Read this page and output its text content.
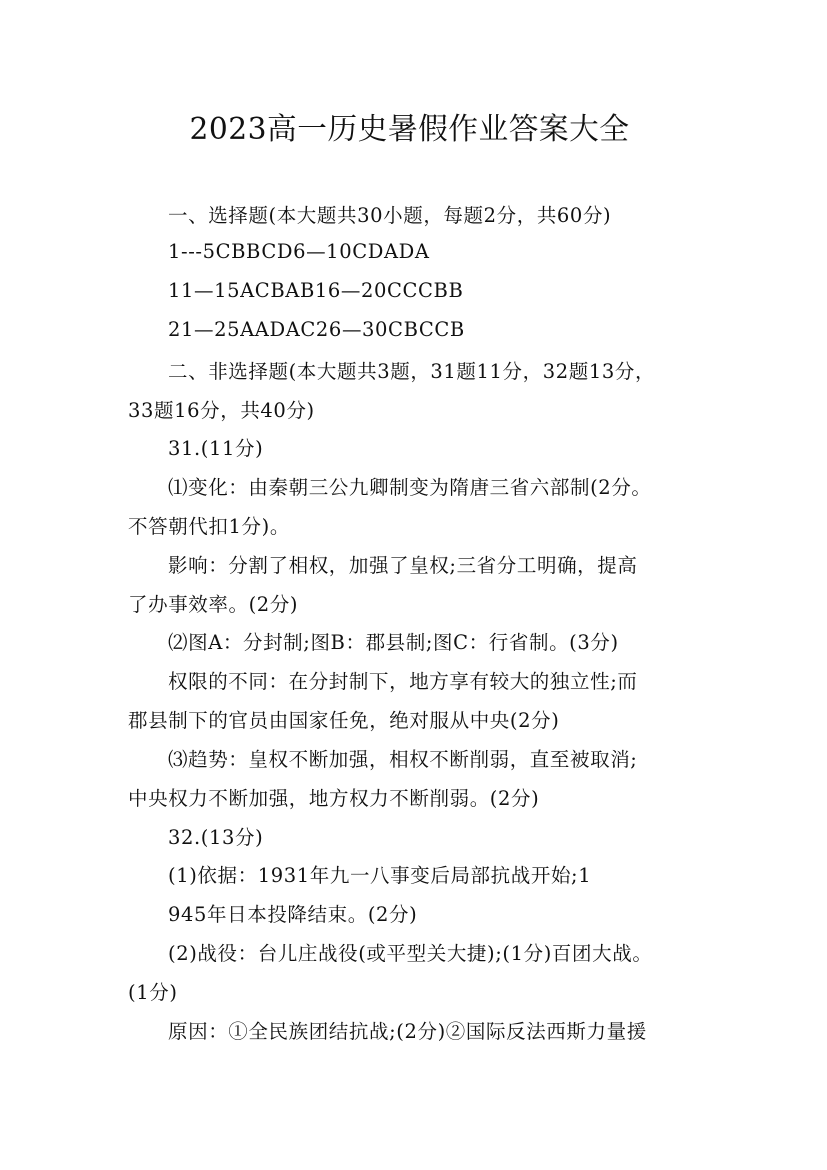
2023高一历史暑假作业答案大全
一、选择题(本大题共30小题，每题2分，共60分)
1---5CBBCD6—10CDADA
11—15ACBAB16—20CCCBB
21—25AADAC26—30CBCCB
二、非选择题(本大题共3题，31题11分，32题13分，
33题16分，共40分)
31.(11分)
⑴变化：由秦朝三公九卿制变为隋唐三省六部制(2分。
不答朝代扣1分)。
影响：分割了相权，加强了皇权;三省分工明确，提高
了办事效率。(2分)
⑵图A：分封制;图B：郡县制;图C：行省制。(3分)
权限的不同：在分封制下，地方享有较大的独立性;而
郡县制下的官员由国家任免，绝对服从中央(2分)
⑶趋势：皇权不断加强，相权不断削弱，直至被取消;
中央权力不断加强，地方权力不断削弱。(2分)
32.(13分)
(1)依据：1931年九一八事变后局部抗战开始;1
945年日本投降结束。(2分)
(2)战役：台儿庄战役(或平型关大捷);(1分)百团大战。
(1分)
原因：①全民族团结抗战;(2分)②国际反法西斯力量援
